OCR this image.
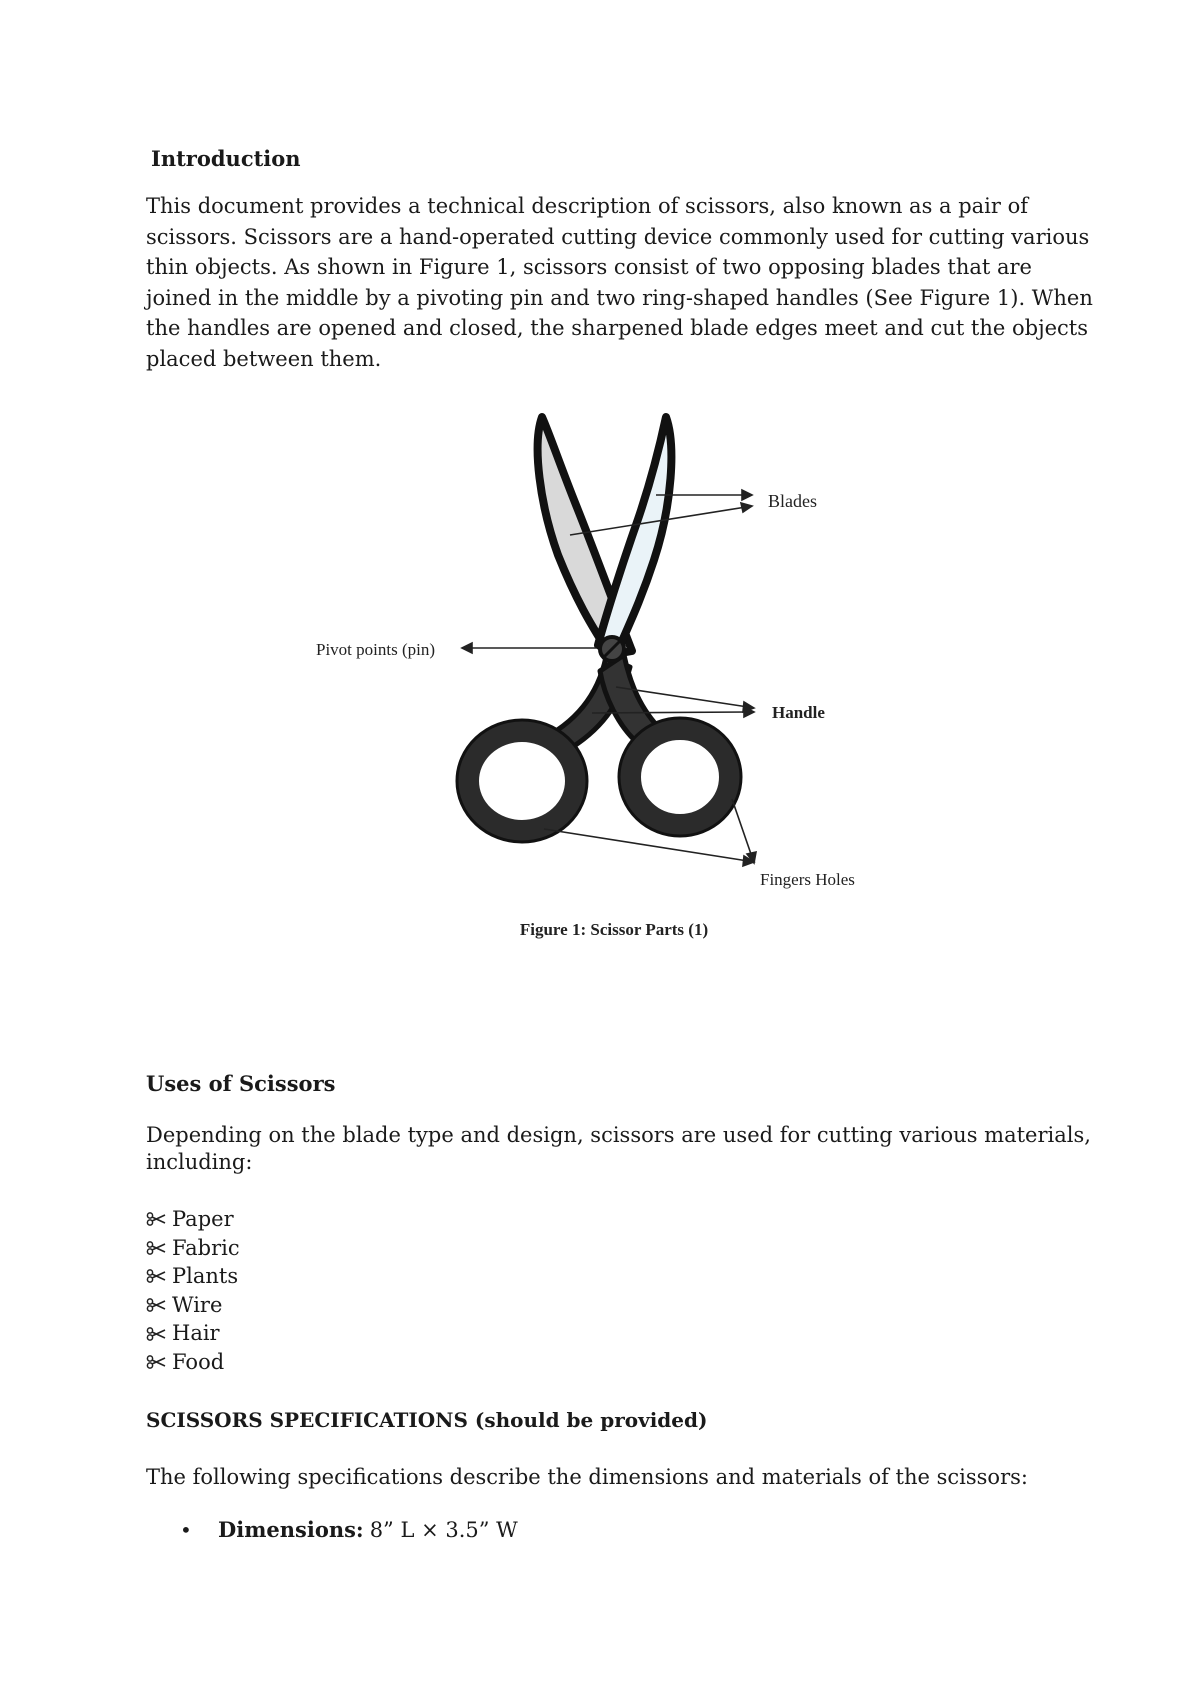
Introduction
This document provides a technical description of scissors, also known as a pair of scissors. Scissors are a hand-operated cutting device commonly used for cutting various thin objects. As shown in Figure 1, scissors consist of two opposing blades that are joined in the middle by a pivoting pin and two ring-shaped handles (See Figure 1). When the handles are opened and closed, the sharpened blade edges meet and cut the objects placed between them.
Blades
Pivot points (pin)
Handle
Fingers Holes
Figure 1: Scissor Parts (1)
Uses of Scissors
Depending on the blade type and design, scissors are used for cutting various materials, including:
Paper
Fabric
Plants
Wire
Hair
Food
SCISSORS SPECIFICATIONS (should be provided)
The following specifications describe the dimensions and materials of the scissors:
•	Dimensions: 8” L × 3.5” W
